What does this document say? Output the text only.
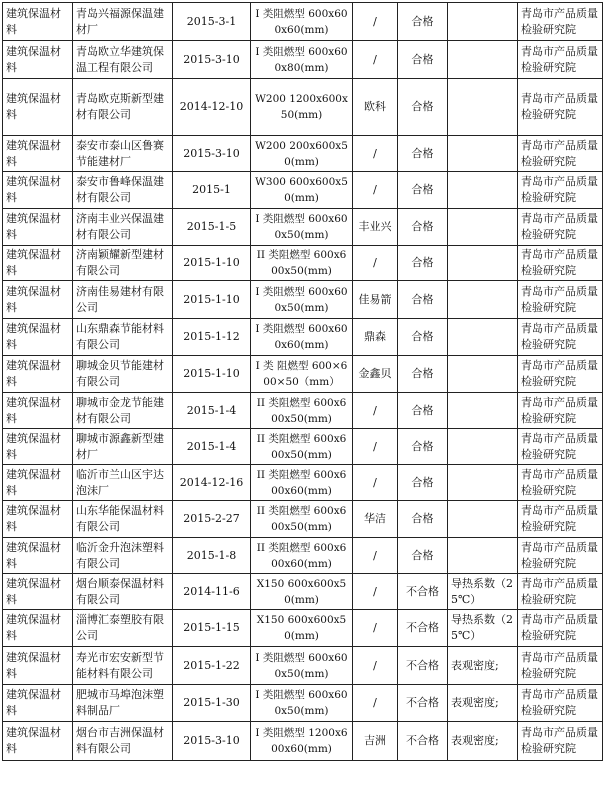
建筑保温材料	青岛兴福源保温建材厂	2015-3-1	I 类阻燃型 600x600x60(mm)	/	合格		青岛市产品质量检验研究院
建筑保温材料	青岛欧立华建筑保温工程有限公司	2015-3-10	I 类阻燃型 600x600x80(mm)	/	合格		青岛市产品质量检验研究院
建筑保温材料	青岛欧克斯新型建材有限公司	2014-12-10	W200 1200x600x50(mm)	欧科	合格		青岛市产品质量检验研究院
建筑保温材料	泰安市泰山区鲁赛节能建材厂	2015-3-10	W200 200x600x50(mm)	/	合格		青岛市产品质量检验研究院
建筑保温材料	泰安市鲁峰保温建材有限公司	2015-1	W300 600x600x50(mm)	/	合格		青岛市产品质量检验研究院
建筑保温材料	济南丰业兴保温建材有限公司	2015-1-5	I 类阻燃型 600x600x50(mm)	丰业兴	合格		青岛市产品质量检验研究院
建筑保温材料	济南颖耀新型建材有限公司	2015-1-10	II 类阻燃型 600x600x50(mm)	/	合格		青岛市产品质量检验研究院
建筑保温材料	济南佳易建材有限公司	2015-1-10	I 类阻燃型 600x600x50(mm)	佳易箭	合格		青岛市产品质量检验研究院
建筑保温材料	山东鼎森节能材料有限公司	2015-1-12	I 类阻燃型 600x600x60(mm)	鼎森	合格		青岛市产品质量检验研究院
建筑保温材料	聊城金贝节能建材有限公司	2015-1-10	I 类 阻燃型 600×600×50（mm）	金鑫贝	合格		青岛市产品质量检验研究院
建筑保温材料	聊城市金龙节能建材有限公司	2015-1-4	II 类阻燃型 600x600x50(mm)	/	合格		青岛市产品质量检验研究院
建筑保温材料	聊城市源鑫新型建材厂	2015-1-4	II 类阻燃型 600x600x50(mm)	/	合格		青岛市产品质量检验研究院
建筑保温材料	临沂市兰山区宇达泡沫厂	2014-12-16	II 类阻燃型 600x600x60(mm)	/	合格		青岛市产品质量检验研究院
建筑保温材料	山东华能保温材料有限公司	2015-2-27	II 类阻燃型 600x600x50(mm)	华洁	合格		青岛市产品质量检验研究院
建筑保温材料	临沂金升泡沫塑料有限公司	2015-1-8	II 类阻燃型 600x600x60(mm)	/	合格		青岛市产品质量检验研究院
建筑保温材料	烟台顺泰保温材料有限公司	2014-11-6	X150 600x600x50(mm)	/	不合格	导热系数（25℃）	青岛市产品质量检验研究院
建筑保温材料	淄博汇泰塑胶有限公司	2015-1-15	X150 600x600x50(mm)	/	不合格	导热系数（25℃）	青岛市产品质量检验研究院
建筑保温材料	寿光市宏安新型节能材料有限公司	2015-1-22	I 类阻燃型 600x600x50(mm)	/	不合格	表观密度;	青岛市产品质量检验研究院
建筑保温材料	肥城市马埠泡沫塑料制品厂	2015-1-30	I 类阻燃型 600x600x50(mm)	/	不合格	表观密度;	青岛市产品质量检验研究院
建筑保温材料	烟台市吉洲保温材料有限公司	2015-3-10	I 类阻燃型 1200x600x60(mm)	吉洲	不合格	表观密度;	青岛市产品质量检验研究院
